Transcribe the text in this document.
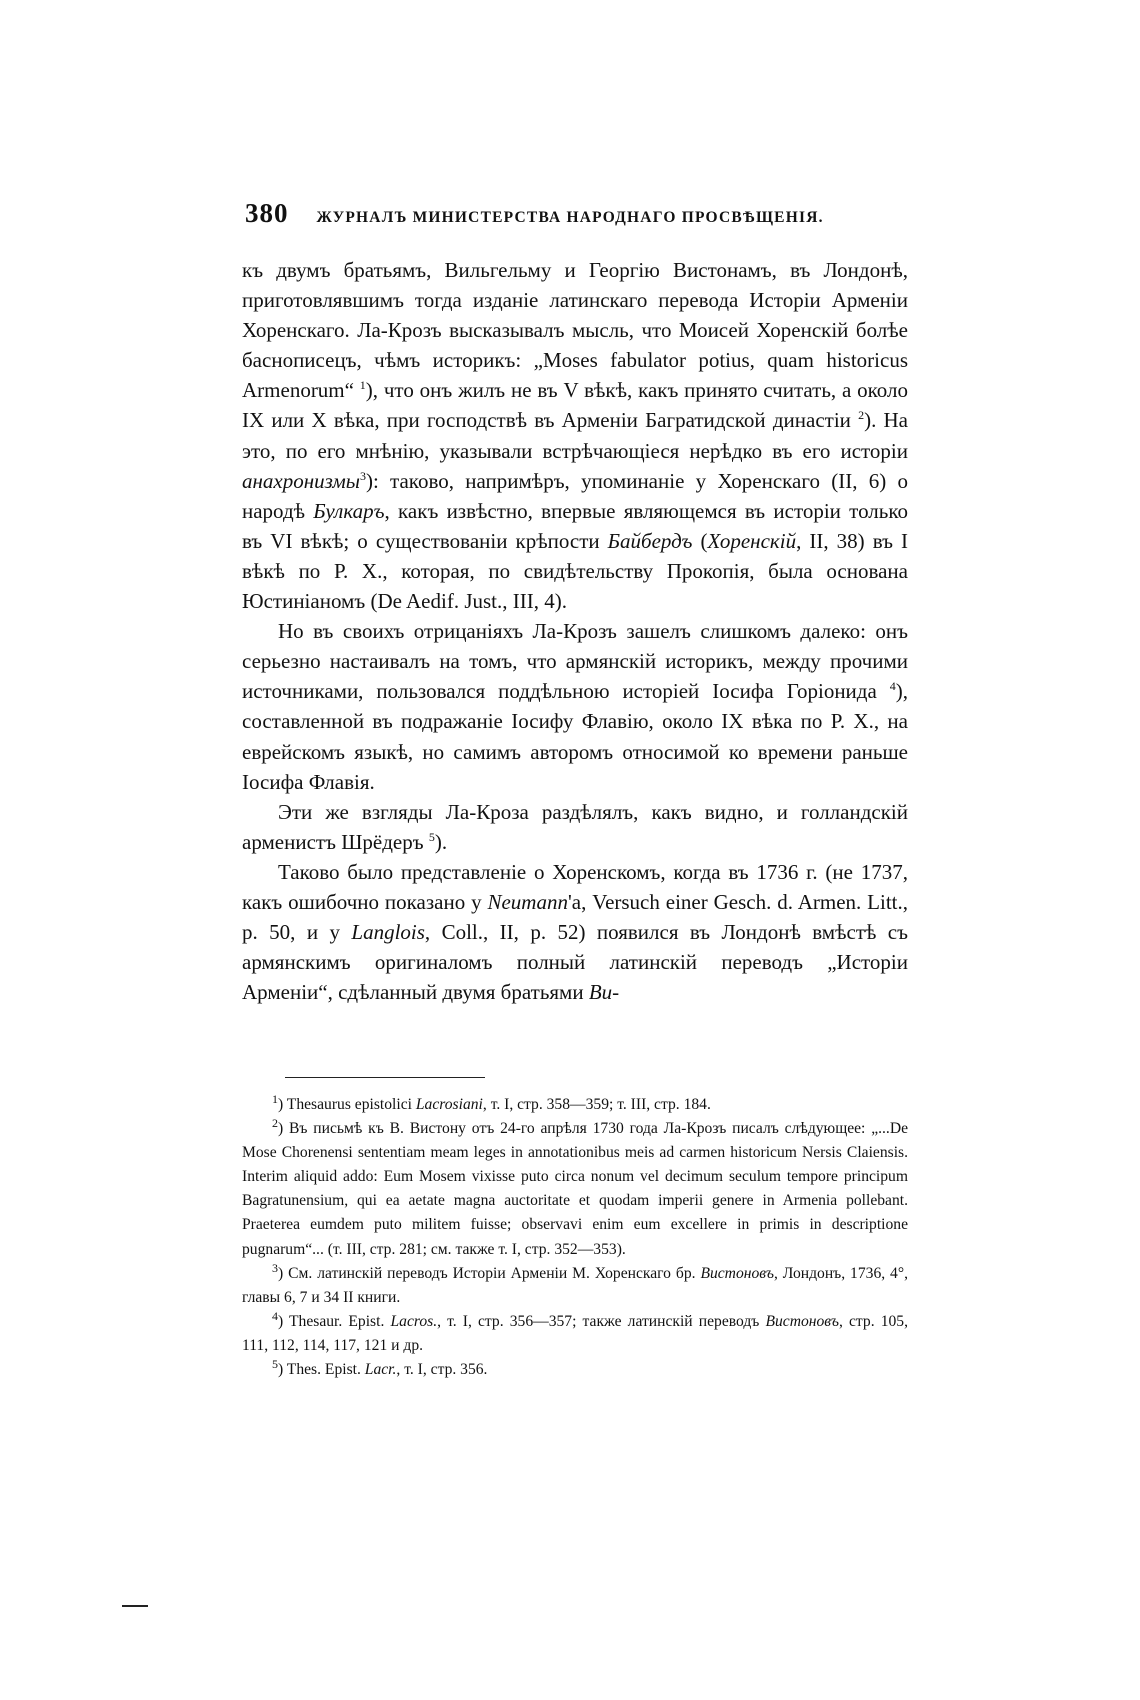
380 ЖУРНАЛЪ МИНИСТЕРСТВА НАРОДНАГО ПРОСВѢЩЕНІЯ.

къ двумъ братьямъ, Вильгельму и Георгію Вистонамъ, въ Лондонѣ, приготовлявшимъ тогда изданіе латинскаго перевода Исторіи Арменіи Хоренскаго. Ла-Крозъ высказывалъ мысль, что Моисей Хоренскій болѣе баснописецъ, чѣмъ историкъ: „Moses fabulator potius, quam historicus Armenorum“ $^1$), что онъ жилъ не въ V вѣкѣ, какъ принято считать, а около IX или X вѣка, при господствѣ въ Арменіи Багратидской династіи $^2$). На это, по его мнѣнію, указывали встрѣчающіеся нерѣдко въ его исторіи анахронизмы$^3$): таково, напримѣръ, упоминаніе у Хоренскаго (II, 6) о народѣ Булкаръ, какъ извѣстно, впервые являющемся въ исторіи только въ VI вѣкѣ; о существованіи крѣпости Байбердъ (Хоренскій, II, 38) въ I вѣкѣ по Р. Х., которая, по свидѣтельству Прокопія, была основана Юстиніаномъ (De Aedif. Just., III, 4).

Но въ своихъ отрицаніяхъ Ла-Крозъ зашелъ слишкомъ далеко: онъ серьезно настаивалъ на томъ, что армянскій историкъ, между прочими источниками, пользовался поддѣльною исторіей Іосифа Горіонида $^4$), составленной въ подражаніе Іосифу Флавію, около IX вѣка по Р. Х., на еврейскомъ языкѣ, но самимъ авторомъ относимой ко времени раньше Іосифа Флавія.

Эти же взгляды Ла-Кроза раздѣлялъ, какъ видно, и голландскій арменистъ Шрёдеръ $^5$).

Таково было представленіе о Хоренскомъ, когда въ 1736 г. (не 1737, какъ ошибочно показано у Neumann'а, Versuch einer Gesch. d. Armen. Litt., p. 50, и у Langlois, Coll., II, p. 52) появился въ Лондонѣ вмѣстѣ съ армянскимъ оригиналомъ полный латинскій переводъ „Исторіи Арменіи“, сдѣланный двумя братьями Ви-

$^1$) Thesaurus epistolici Lacrosiani, т. I, стр. 358—359; т. III, стр. 184.

$^2$) Въ письмѣ къ В. Вистону отъ 24-го апрѣля 1730 года Ла-Крозъ писалъ слѣдующее: „...De Mose Chorenensi sententiam meam leges in annotationibus meis ad carmen historicum Nersis Claiensis. Interim aliquid addo: Eum Mosem vixisse puto circa nonum vel decimum seculum tempore principum Bagratunensium, qui ea aetate magna auctoritate et quodam imperii genere in Armenia pollebant. Praeterea eumdem puto militem fuisse; observavi enim eum excellere in primis in descriptione pugnarum“... (т. III, стр. 281; см. также т. I, стр. 352—353).

$^3$) См. латинскій переводъ Исторіи Арменіи М. Хоренскаго бр. Вистоновъ, Лондонъ, 1736, 4°, главы 6, 7 и 34 II книги.

$^4$) Thesaur. Epist. Lacros., т. I, стр. 356—357; также латинскій переводъ Вистоновъ, стр. 105, 111, 112, 114, 117, 121 и др.

$^5$) Thes. Epist. Lacr., т. I, стр. 356.
